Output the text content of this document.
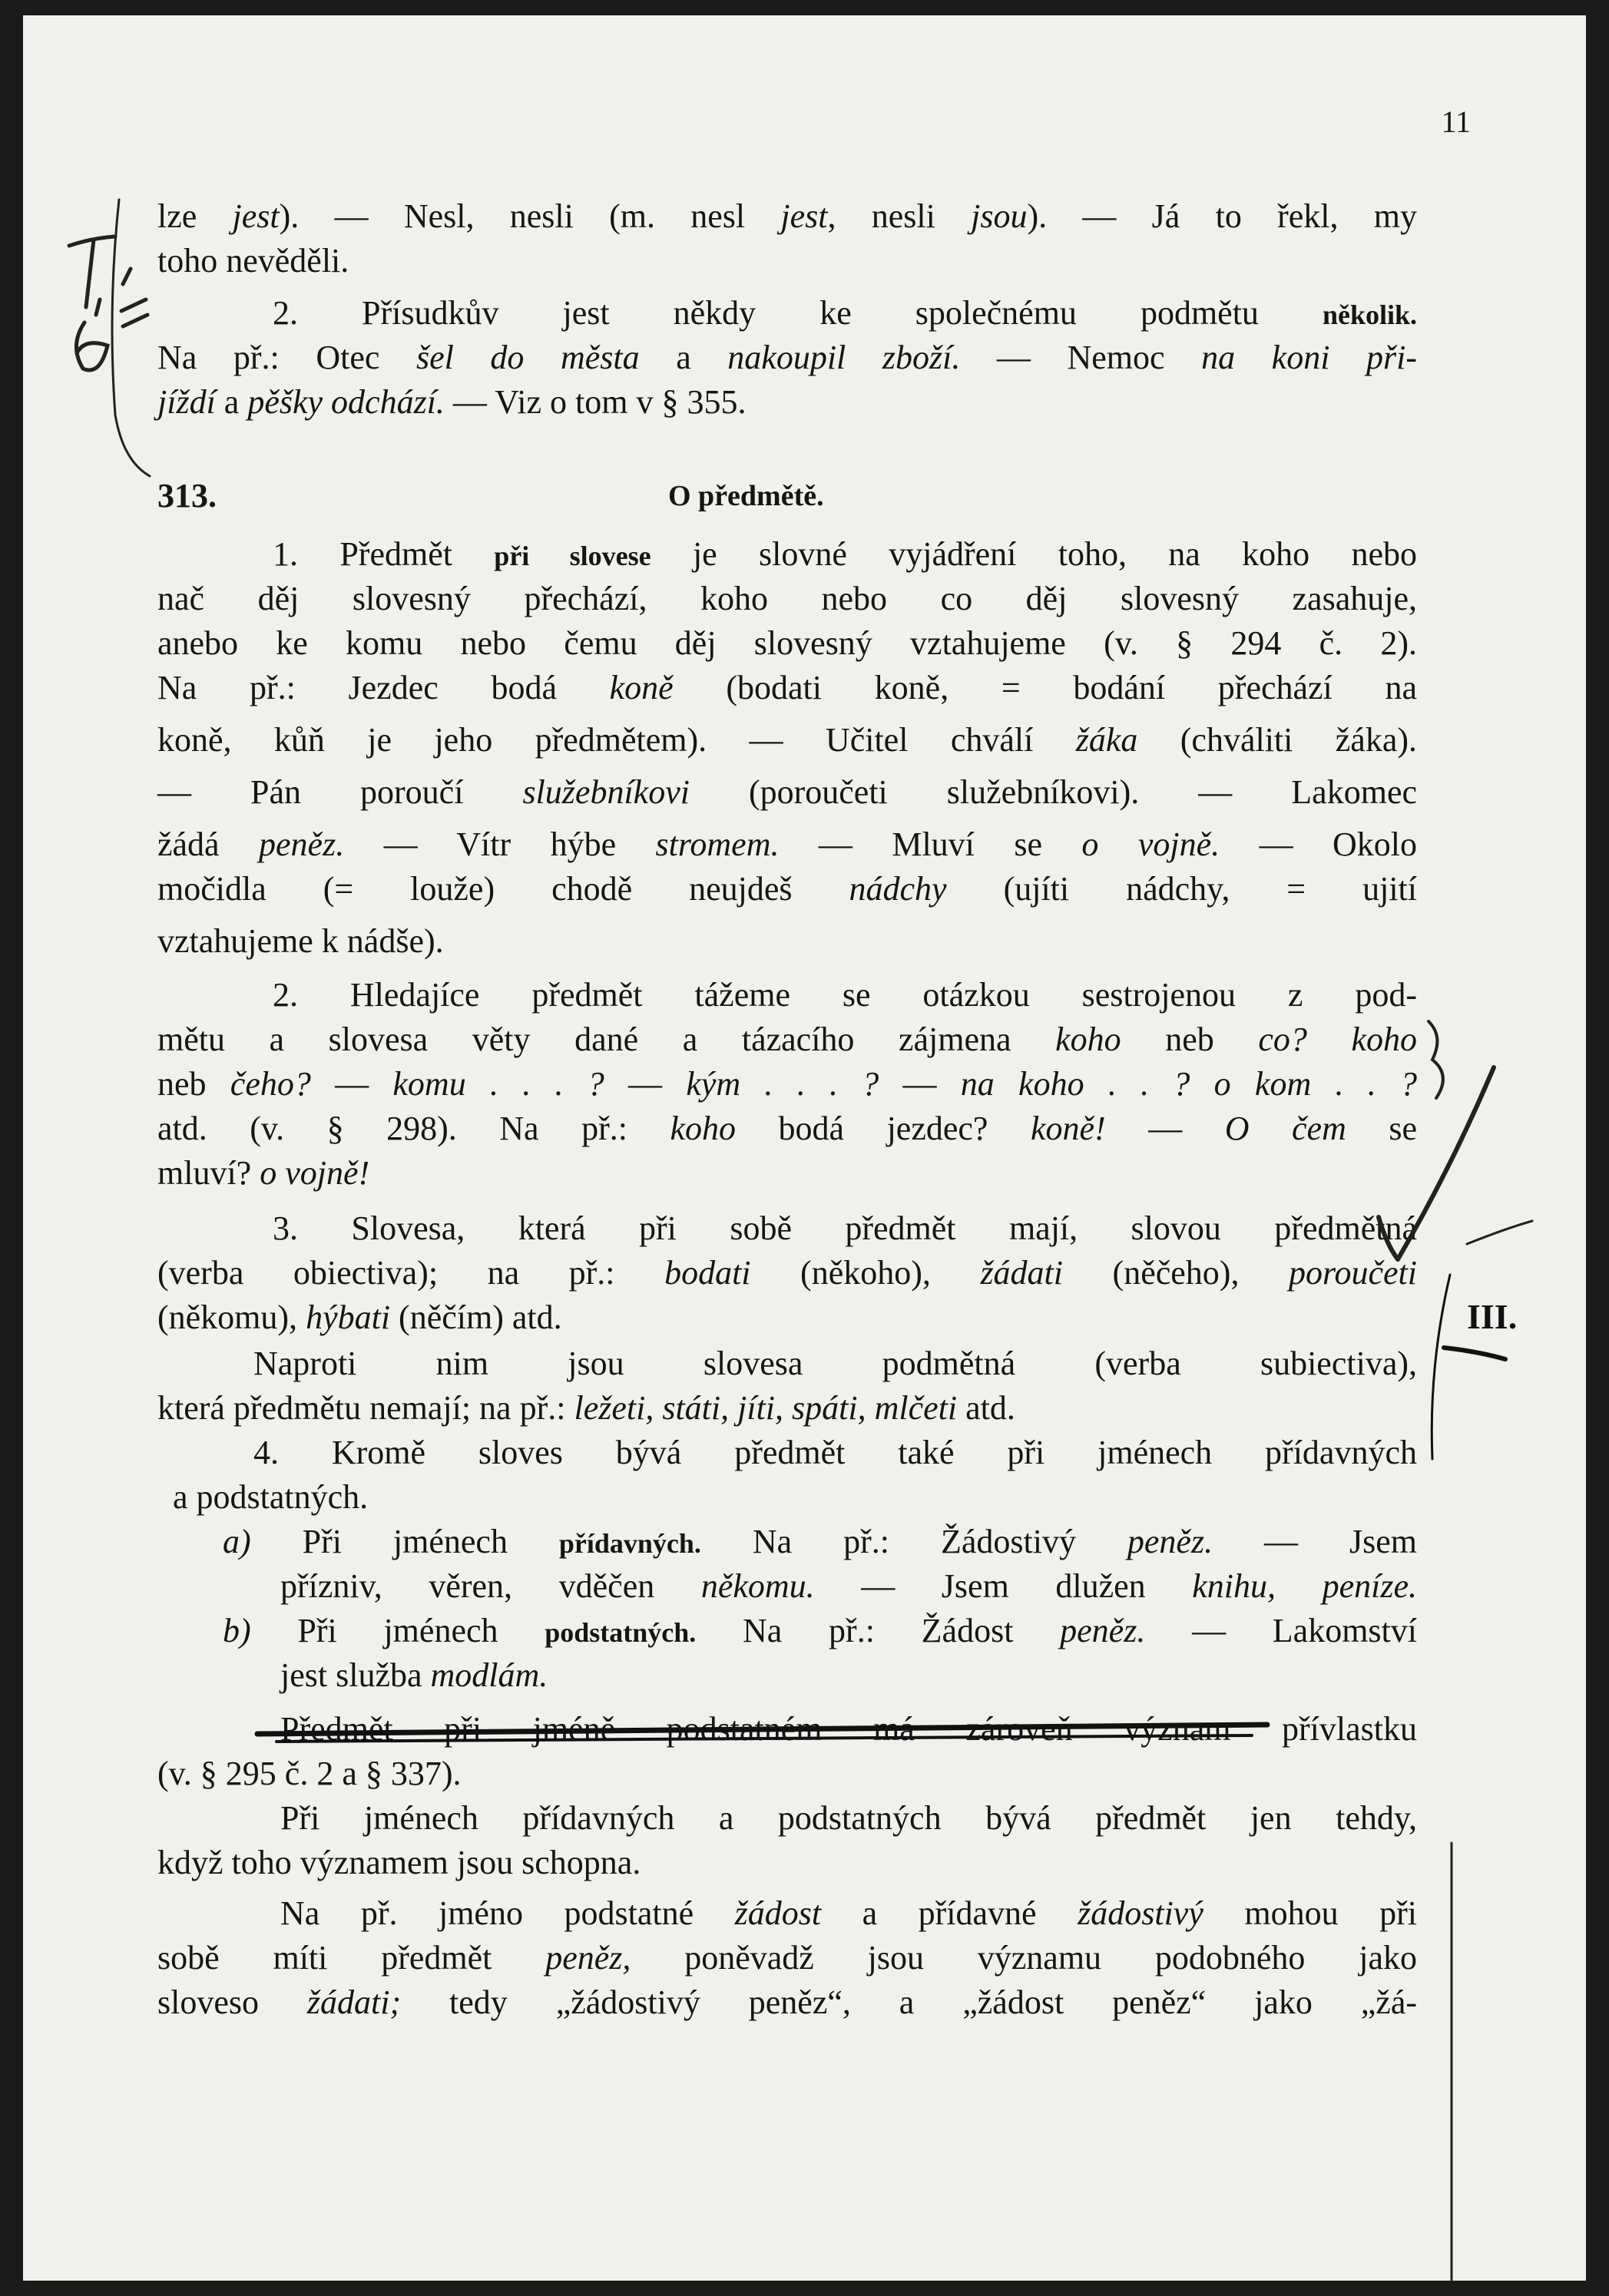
11
lze jest). — Nesl, nesli (m. nesl jest, nesli jsou). — Já to řekl, my
toho nevěděli.
2. Přísudkův jest někdy ke společnému podmětu několik.
Na př.: Otec šel do města a nakoupil zboží. — Nemoc na koni při-
jíždí a pěšky odchází. — Viz o tom v § 355.
313.	O předmětě.
1. Předmět při slovese je slovné vyjádření toho, na koho nebo
nač děj slovesný přechází, koho nebo co děj slovesný zasahuje,
anebo ke komu nebo čemu děj slovesný vztahujeme (v. § 294 č. 2).
Na př.: Jezdec bodá koně (bodati koně, = bodání přechází na
koně, kůň je jeho předmětem). — Učitel chválí žáka (chváliti žáka).
— Pán poroučí služebníkovi (poroučeti služebníkovi). — Lakomec
žádá peněz. — Vítr hýbe stromem. — Mluví se o vojně. — Okolo
močidla (= louže) chodě neujdeš nádchy (ujíti nádchy, = ujití
vztahujeme k nádše).
2. Hledajíce předmět tážeme se otázkou sestrojenou z pod-
mětu a slovesa věty dané a tázacího zájmena koho neb co? koho
neb čeho? — komu . . . ? — kým . . . ? — na koho . . ? o kom . . ?
atd. (v. § 298). Na př.: koho bodá jezdec? koně! — O čem se
mluví? o vojně!
3. Slovesa, která při sobě předmět mají, slovou předmětná
(verba obiectiva); na př.: bodati (někoho), žádati (něčeho), poroučeti
(někomu), hýbati (něčím) atd.
Naproti nim jsou slovesa podmětná (verba subiectiva),
která předmětu nemají; na př.: ležeti, státi, jíti, spáti, mlčeti atd.
4. Kromě sloves bývá předmět také při jménech přídavných
a podstatných.
a) Při jménech přídavných. Na př.: Žádostivý peněz. — Jsem
přízniv, věren, vděčen někomu. — Jsem dlužen knihu, peníze.
b) Při jménech podstatných. Na př.: Žádost peněz. — Lakomství
jest služba modlám.
Předmět při jméně podstatném má zároveň význam přívlastku
(v. § 295 č. 2 a § 337).
Při jménech přídavných a podstatných bývá předmět jen tehdy,
když toho významem jsou schopna.
Na př. jméno podstatné žádost a přídavné žádostivý mohou při
sobě míti předmět peněz, poněvadž jsou významu podobného jako
sloveso žádati; tedy „žádostivý peněz“, a „žádost peněz“ jako „žá-
T. 6.
III.
